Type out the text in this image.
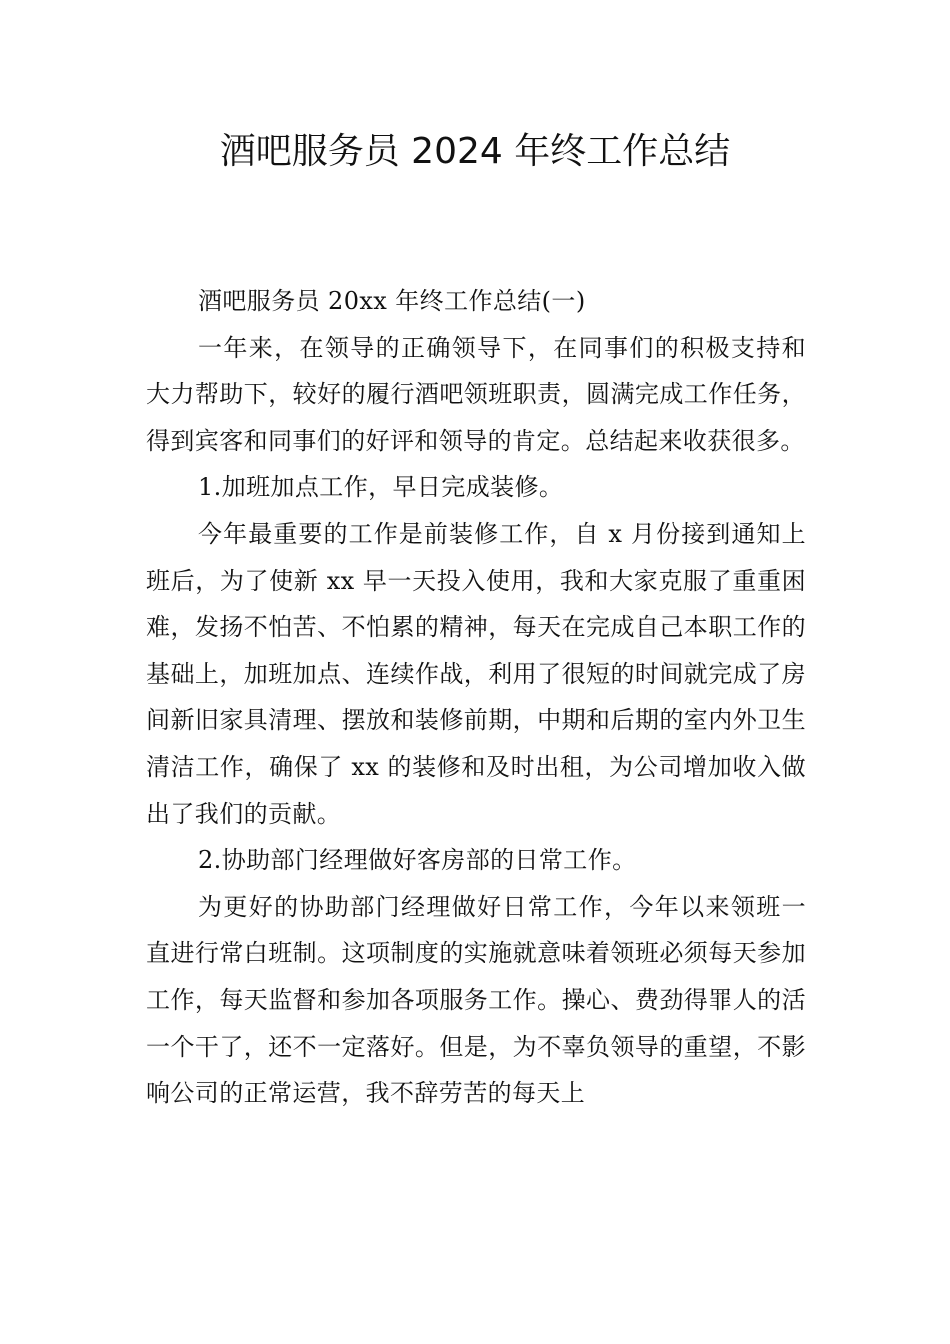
酒吧服务员 2024 年终工作总结

酒吧服务员 20xx 年终工作总结(一)

一年来，在领导的正确领导下，在同事们的积极支持和大力帮助下，较好的履行酒吧领班职责，圆满完成工作任务，得到宾客和同事们的好评和领导的肯定。总结起来收获很多。

1.加班加点工作，早日完成装修。

今年最重要的工作是前装修工作，自 x 月份接到通知上班后，为了使新 xx 早一天投入使用，我和大家克服了重重困难，发扬不怕苦、不怕累的精神，每天在完成自己本职工作的基础上，加班加点、连续作战，利用了很短的时间就完成了房间新旧家具清理、摆放和装修前期，中期和后期的室内外卫生清洁工作，确保了 xx 的装修和及时出租，为公司增加收入做出了我们的贡献。

2.协助部门经理做好客房部的日常工作。

为更好的协助部门经理做好日常工作，今年以来领班一直进行常白班制。这项制度的实施就意味着领班必须每天参加工作，每天监督和参加各项服务工作。操心、费劲得罪人的活一个干了，还不一定落好。但是，为不辜负领导的重望，不影响公司的正常运营，我不辞劳苦的每天上
